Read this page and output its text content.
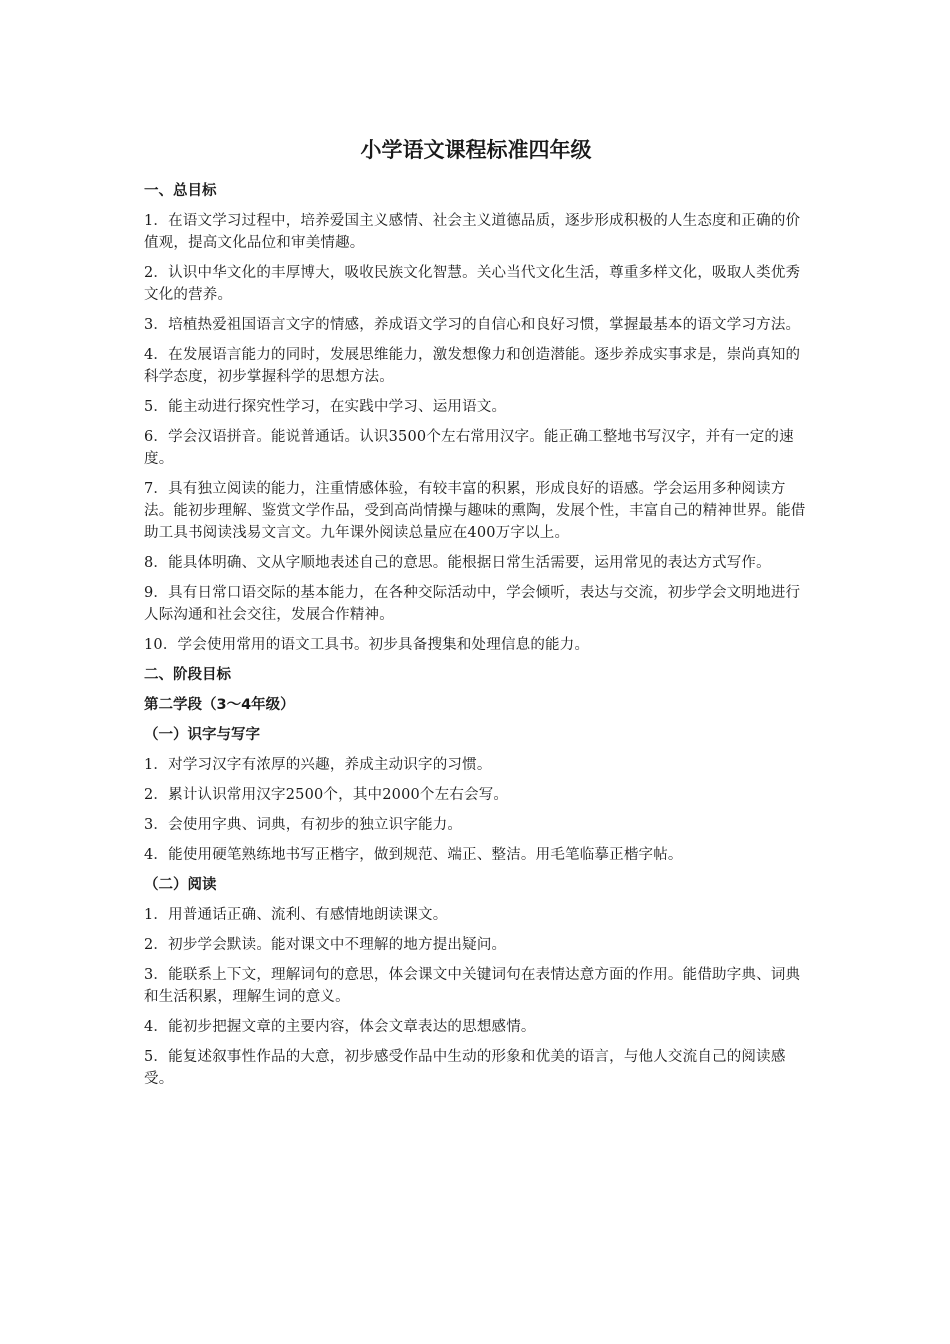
小学语文课程标准四年级
一、总目标
1．在语文学习过程中，培养爱国主义感情、社会主义道德品质，逐步形成积极的人生态度和正确的价值观，提高文化品位和审美情趣。
2．认识中华文化的丰厚博大，吸收民族文化智慧。关心当代文化生活，尊重多样文化，吸取人类优秀文化的营养。
3．培植热爱祖国语言文字的情感，养成语文学习的自信心和良好习惯，掌握最基本的语文学习方法。
4．在发展语言能力的同时，发展思维能力，激发想像力和创造潜能。逐步养成实事求是，崇尚真知的科学态度，初步掌握科学的思想方法。
5．能主动进行探究性学习，在实践中学习、运用语文。
6．学会汉语拼音。能说普通话。认识3500个左右常用汉字。能正确工整地书写汉字，并有一定的速度。
7．具有独立阅读的能力，注重情感体验，有较丰富的积累，形成良好的语感。学会运用多种阅读方法。能初步理解、鉴赏文学作品，受到高尚情操与趣味的熏陶，发展个性，丰富自己的精神世界。能借助工具书阅读浅易文言文。九年课外阅读总量应在400万字以上。
8．能具体明确、文从字顺地表述自己的意思。能根据日常生活需要，运用常见的表达方式写作。
9．具有日常口语交际的基本能力，在各种交际活动中，学会倾听，表达与交流，初步学会文明地进行人际沟通和社会交往，发展合作精神。
10．学会使用常用的语文工具书。初步具备搜集和处理信息的能力。
二、阶段目标
第二学段（3～4年级）
（一）识字与写字
1．对学习汉字有浓厚的兴趣，养成主动识字的习惯。
2．累计认识常用汉字2500个，其中2000个左右会写。
3．会使用字典、词典，有初步的独立识字能力。
4．能使用硬笔熟练地书写正楷字，做到规范、端正、整洁。用毛笔临摹正楷字帖。
（二）阅读
1．用普通话正确、流利、有感情地朗读课文。
2．初步学会默读。能对课文中不理解的地方提出疑问。
3．能联系上下文，理解词句的意思，体会课文中关键词句在表情达意方面的作用。能借助字典、词典和生活积累，理解生词的意义。
4．能初步把握文章的主要内容，体会文章表达的思想感情。
5．能复述叙事性作品的大意，初步感受作品中生动的形象和优美的语言，与他人交流自己的阅读感受。
